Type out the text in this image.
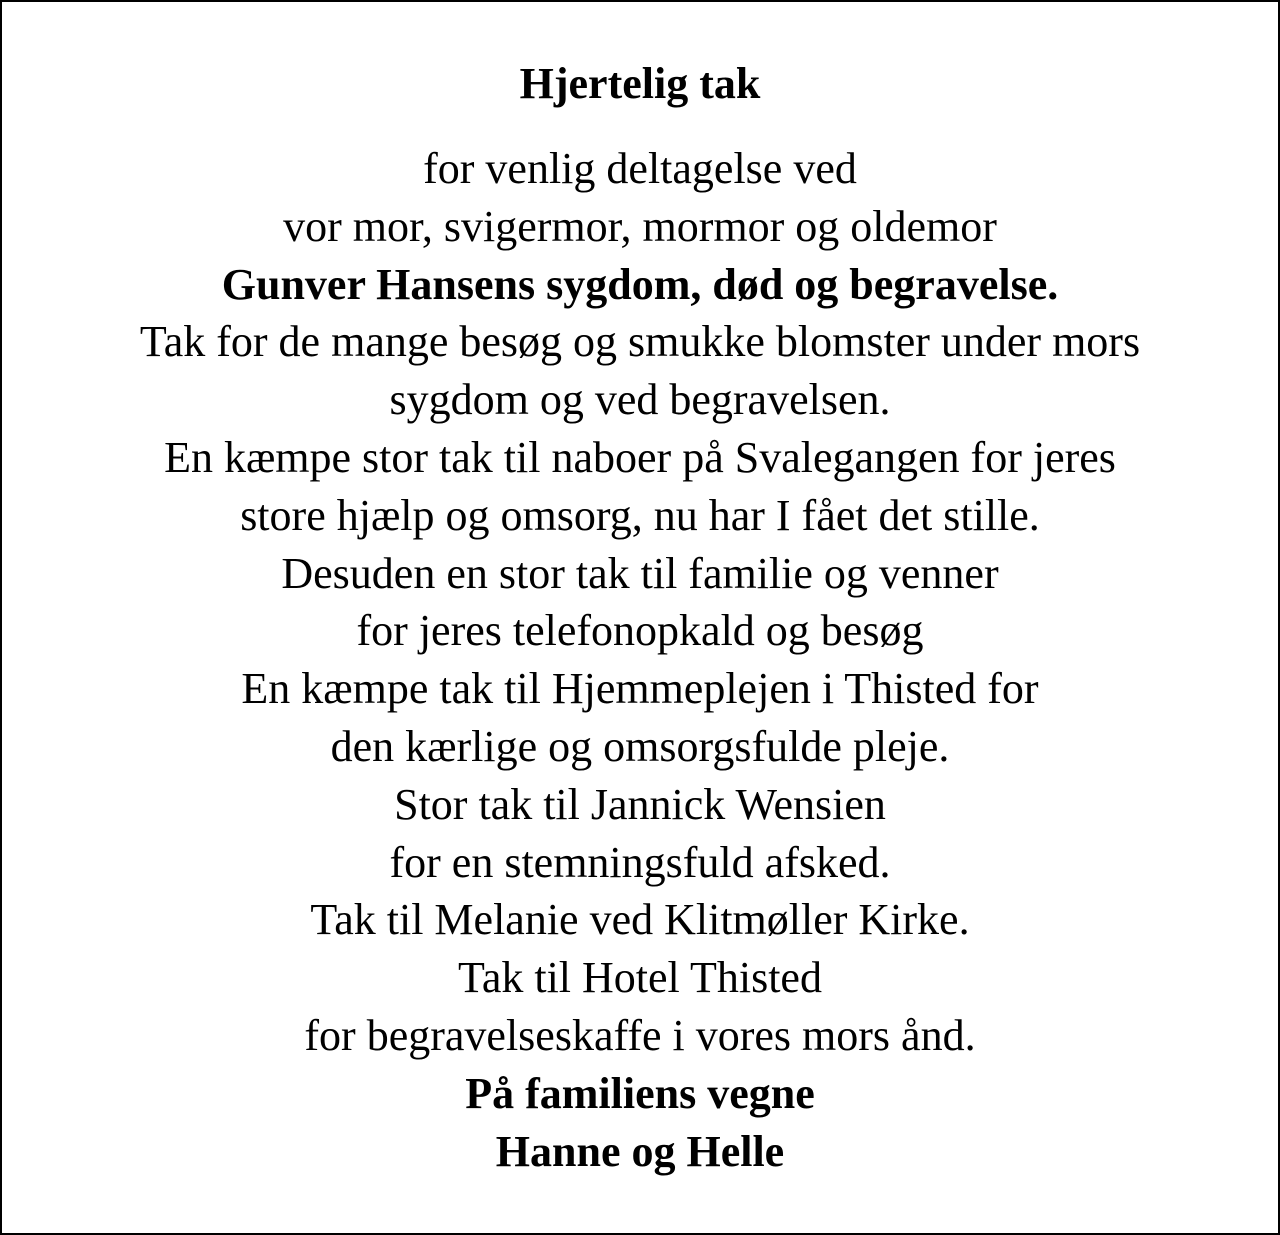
Hjertelig tak
for venlig deltagelse ved
vor mor, svigermor, mormor og oldemor
Gunver Hansens sygdom, død og begravelse.
Tak for de mange besøg og smukke blomster under mors
sygdom og ved begravelsen.
En kæmpe stor tak til naboer på Svalegangen for jeres
store hjælp og omsorg, nu har I fået det stille.
Desuden en stor tak til familie og venner
for jeres telefonopkald og besøg
En kæmpe tak til Hjemmeplejen i Thisted for
den kærlige og omsorgsfulde pleje.
Stor tak til Jannick Wensien
for en stemningsfuld afsked.
Tak til Melanie ved Klitmøller Kirke.
Tak til Hotel Thisted
for begravelseskaffe i vores mors ånd.
På familiens vegne
Hanne og Helle
